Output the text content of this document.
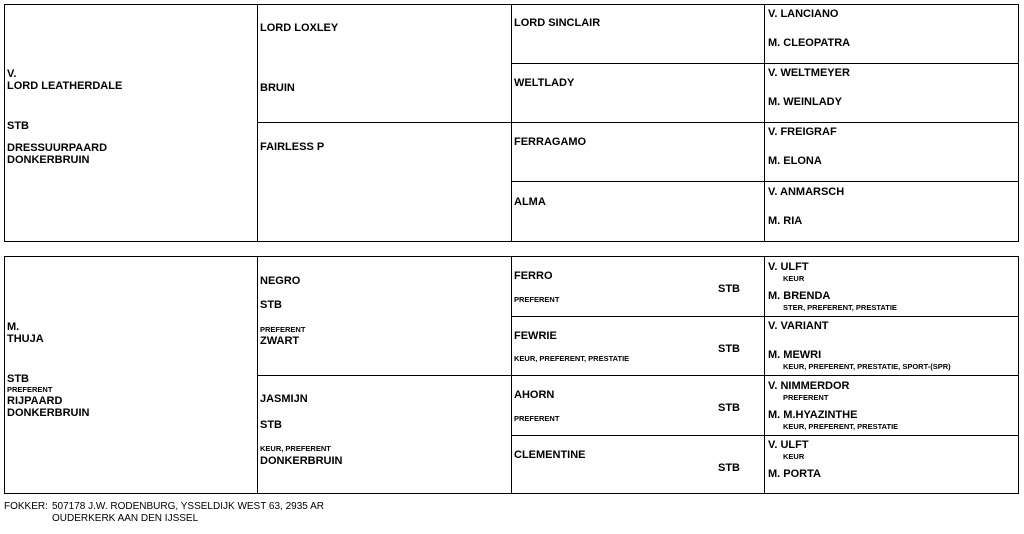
V.
LORD LEATHERDALE
STB
DRESSUURPAARD
DONKERBRUIN
LORD LOXLEY
BRUIN
FAIRLESS P
LORD SINCLAIR
WELTLADY
FERRAGAMO
ALMA
V. LANCIANO
M. CLEOPATRA
V. WELTMEYER
M. WEINLADY
V. FREIGRAF
M. ELONA
V. ANMARSCH
M. RIA
M.
THUJA
STB
PREFERENT
RIJPAARD
DONKERBRUIN
NEGRO
STB
PREFERENT
ZWART
JASMIJN
STB
KEUR, PREFERENT
DONKERBRUIN
FERRO
PREFERENT
STB
FEWRIE
KEUR, PREFERENT, PRESTATIE
STB
AHORN
PREFERENT
STB
CLEMENTINE
STB
V. ULFT
KEUR
M. BRENDA
STER, PREFERENT, PRESTATIE
V. VARIANT
M. MEWRI
KEUR, PREFERENT, PRESTATIE, SPORT-(SPR)
V. NIMMERDOR
PREFERENT
M. M.HYAZINTHE
KEUR, PREFERENT, PRESTATIE
V. ULFT
KEUR
M. PORTA
FOKKER: 507178 J.W. RODENBURG, YSSELDIJK WEST 63, 2935 AR
OUDERKERK AAN DEN IJSSEL
